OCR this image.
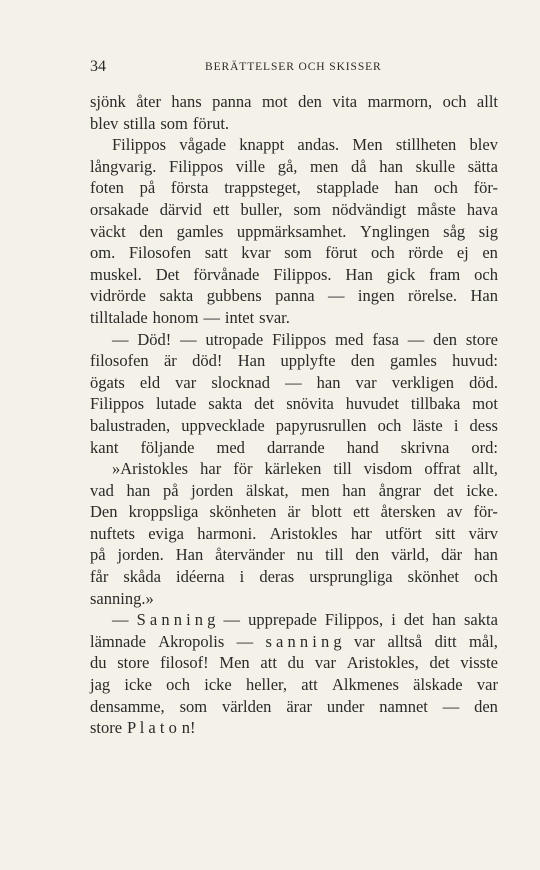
34	BERÄTTELSER OCH SKISSER
sjönk åter hans panna mot den vita marmorn, och allt
blev stilla som förut.
Filippos vågade knappt andas. Men stillheten blev
långvarig. Filippos ville gå, men då han skulle sätta
foten på första trappsteget, stapplade han och för-
orsakade därvid ett buller, som nödvändigt måste hava
väckt den gamles uppmärksamhet. Ynglingen såg sig
om. Filosofen satt kvar som förut och rörde ej en
muskel. Det förvånade Filippos. Han gick fram och
vidrörde sakta gubbens panna — ingen rörelse. Han
tilltalade honom — intet svar.
— Död! — utropade Filippos med fasa — den store
filosofen är död! Han upplyfte den gamles huvud:
ögats eld var slocknad — han var verkligen död.
Filippos lutade sakta det snövita huvudet tillbaka mot
balustraden, uppvecklade papyrusrullen och läste i dess
kant följande med darrande hand skrivna ord:
»Aristokles har för kärleken till visdom offrat allt,
vad han på jorden älskat, men han ångrar det icke.
Den kroppsliga skönheten är blott ett återsken av för-
nuftets eviga harmoni. Aristokles har utfört sitt värv
på jorden. Han återvänder nu till den värld, där han
får skåda idéerna i deras ursprungliga skönhet och
sanning.»
— S a n n i n g — upprepade Filippos, i det han sakta
lämnade Akropolis — s a n n i n g var alltså ditt mål,
du store filosof! Men att du var Aristokles, det visste
jag icke och icke heller, att Alkmenes älskade var
densamme, som världen ärar under namnet — den
store P l a t o n!
